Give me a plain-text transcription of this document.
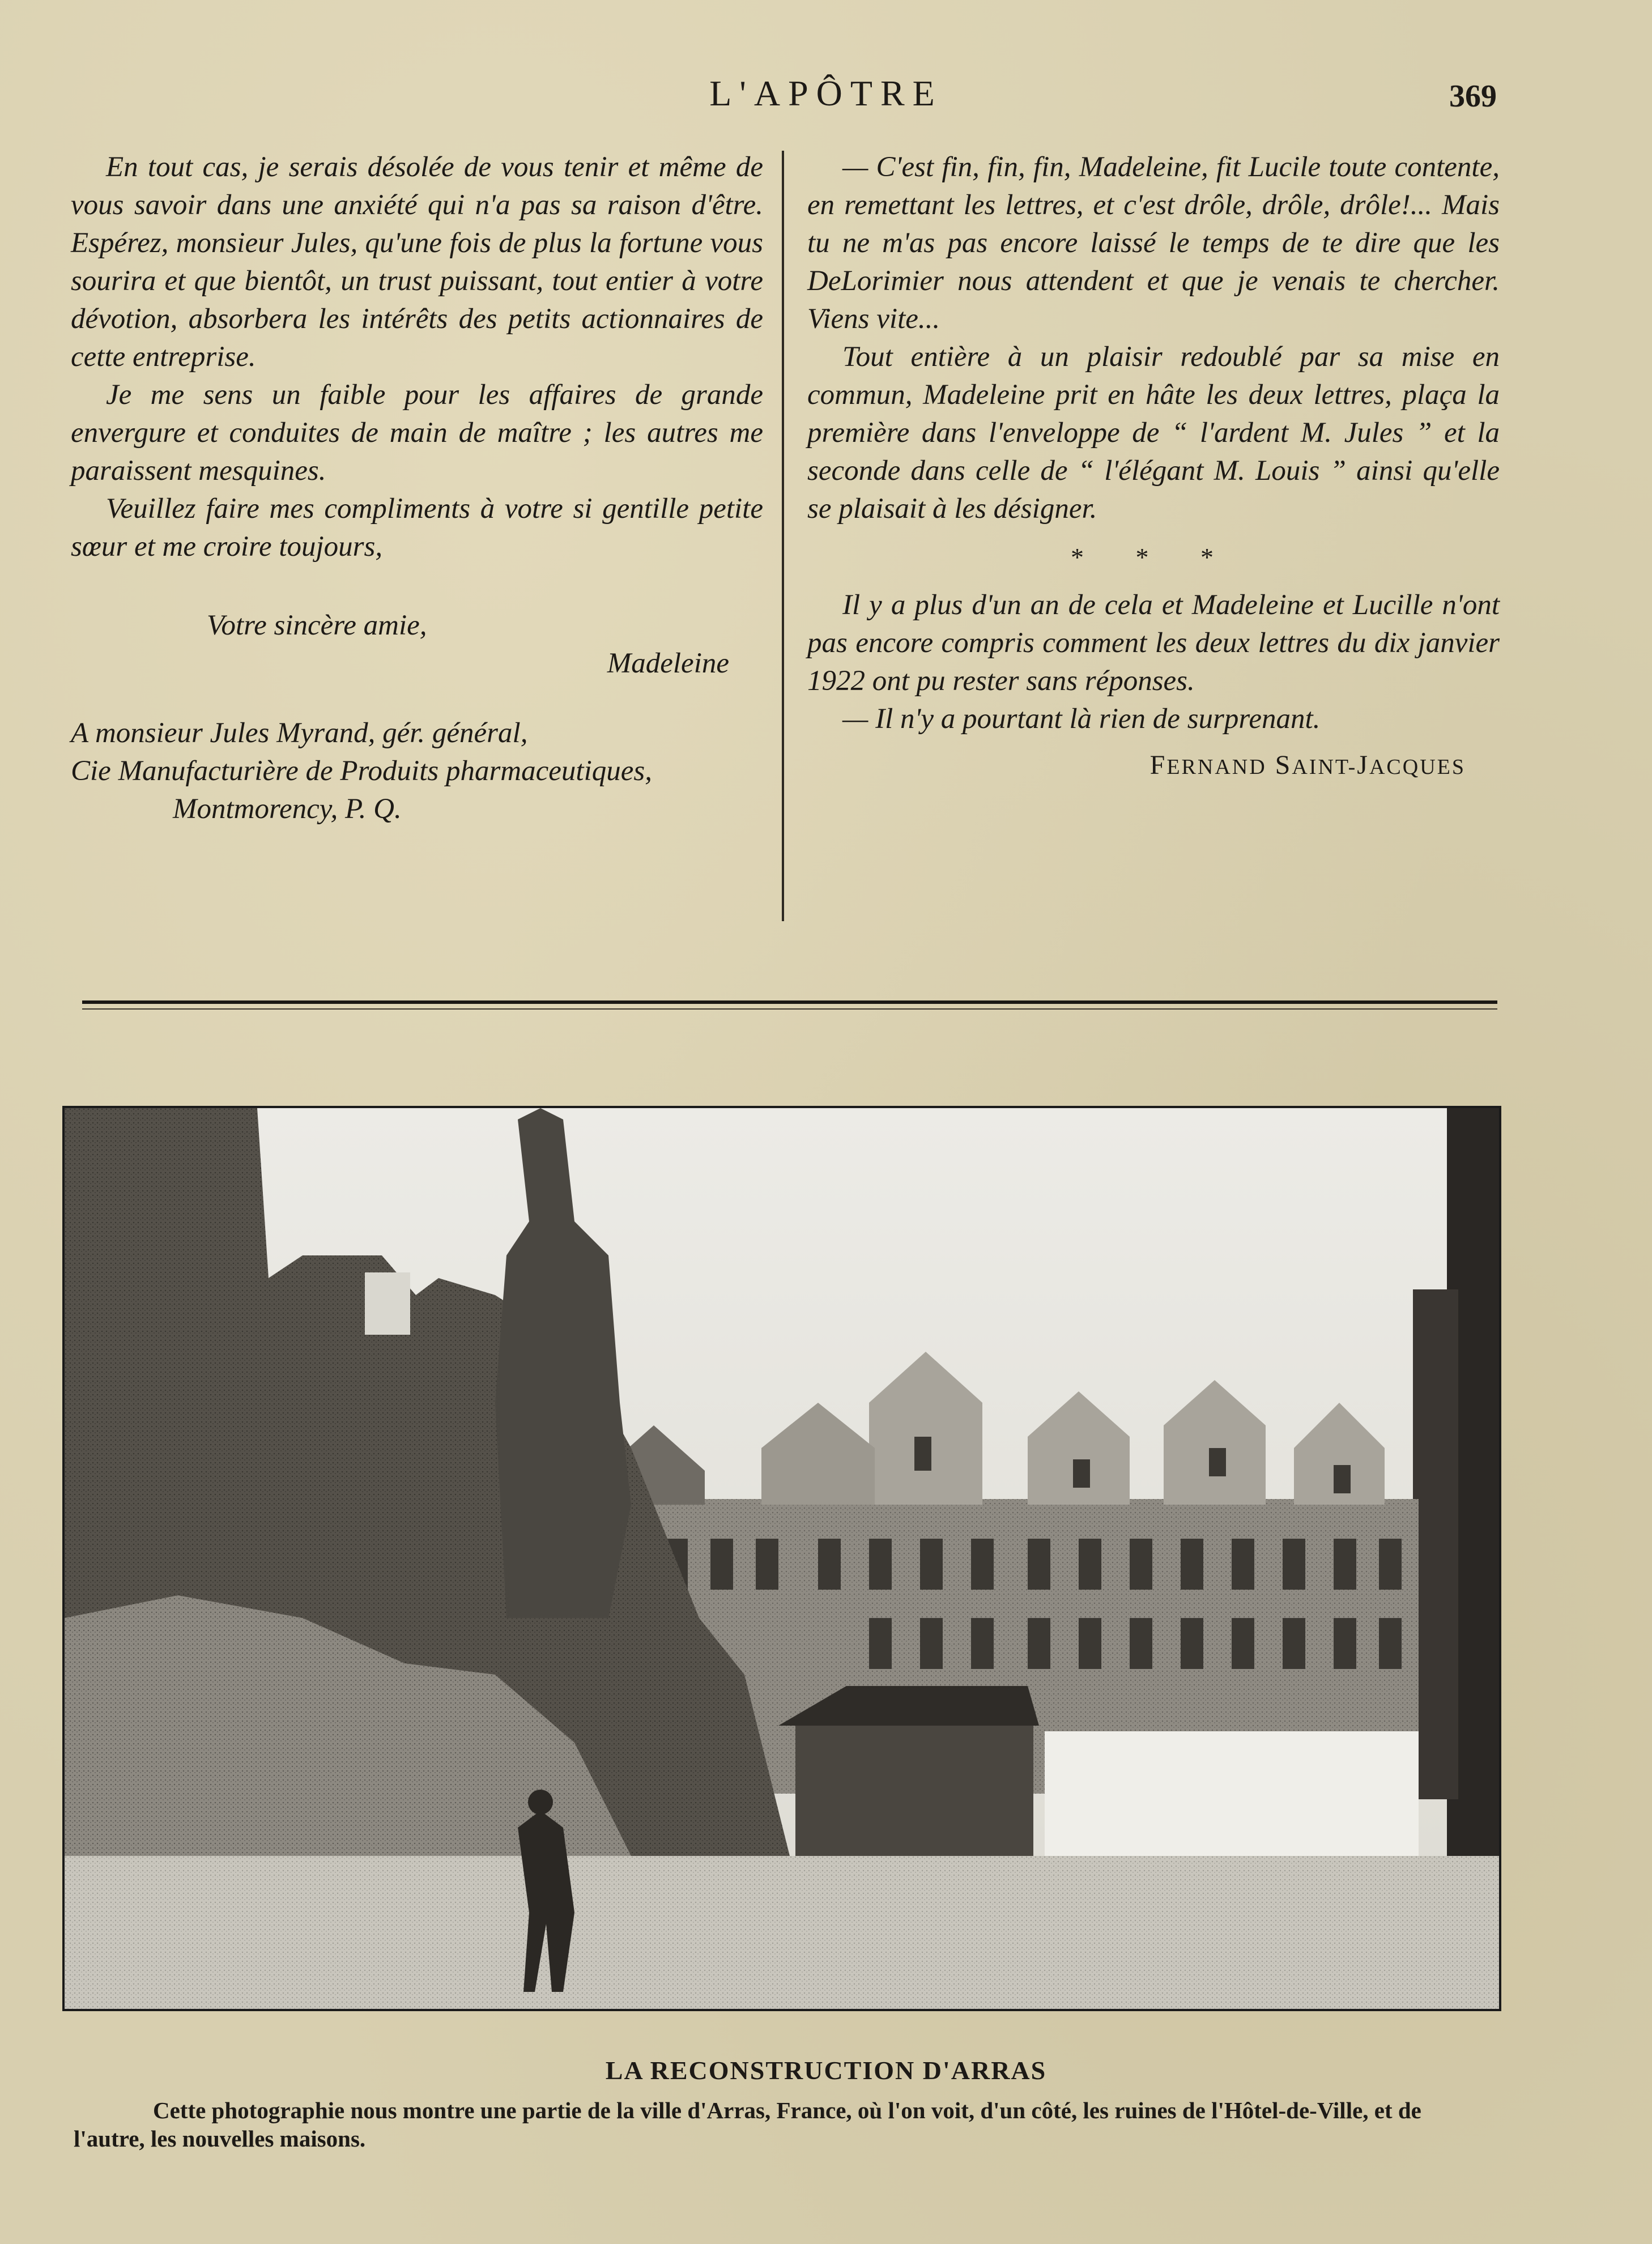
L'APÔTRE	369

En tout cas, je serais désolée de vous tenir et même de vous savoir dans une anxiété qui n'a pas sa raison d'être. Espérez, monsieur Jules, qu'une fois de plus la fortune vous sourira et que bientôt, un trust puissant, tout entier à votre dévotion, absorbera les intérêts des petits actionnaires de cette entreprise.

Je me sens un faible pour les affaires de grande envergure et conduites de main de maître ; les autres me paraissent mesquines.

Veuillez faire mes compliments à votre si gentille petite sœur et me croire toujours,

Votre sincère amie,

Madeleine

A monsieur Jules Myrand, gér. général,

Cie Manufacturière de Produits pharmaceutiques,

Montmorency, P. Q.

— C'est fin, fin, fin, Madeleine, fit Lucile toute contente, en remettant les lettres, et c'est drôle, drôle, drôle!... Mais tu ne m'as pas encore laissé le temps de te dire que les DeLorimier nous attendent et que je venais te chercher. Viens vite...

Tout entière à un plaisir redoublé par sa mise en commun, Madeleine prit en hâte les deux lettres, plaça la première dans l'enveloppe de “ l'ardent M. Jules ” et la seconde dans celle de “ l'élégant M. Louis ” ainsi qu'elle se plaisait à les désigner.

* * *

Il y a plus d'un an de cela et Madeleine et Lucille n'ont pas encore compris comment les deux lettres du dix janvier 1922 ont pu rester sans réponses.

— Il n'y a pourtant là rien de surprenant.

FERNAND SAINT-JACQUES

LA RECONSTRUCTION D'ARRAS
Cette photographie nous montre une partie de la ville d'Arras, France, où l'on voit, d'un côté, les ruines de l'Hôtel-de-Ville, et de l'autre, les nouvelles maisons.
